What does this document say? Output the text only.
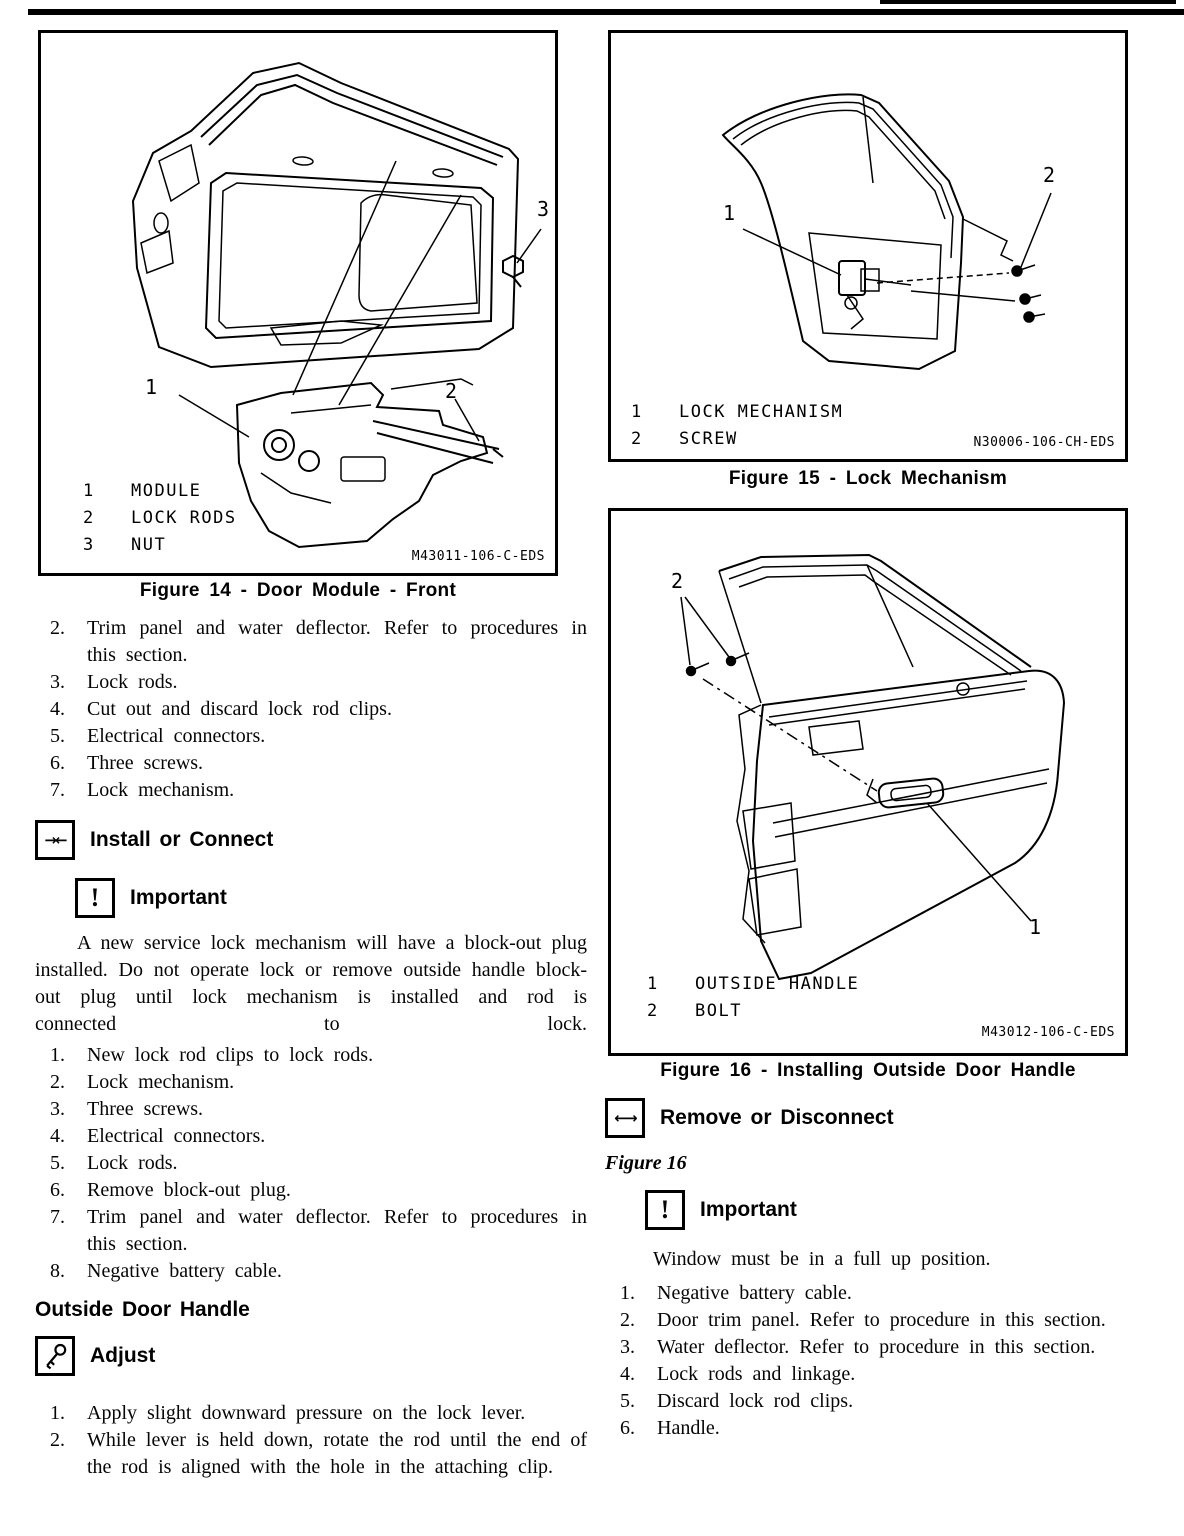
1	2
3
1	MODULE
2	LOCK RODS
3	NUT
M43011-106-C-EDS
Figure 14 - Door Module - Front
1
2
1	LOCK MECHANISM
2	SCREW	N30006-106-CH-EDS
Figure 15 - Lock Mechanism
2
1
1	OUTSIDE HANDLE
2	BOLT
M43012-106-C-EDS
Figure 16 - Installing Outside Door Handle
2.	Trim panel and water deflector. Refer to procedures in this section.
3.	Lock rods.
4.	Cut out and discard lock rod clips.
5.	Electrical connectors.
6.	Three screws.
7.	Lock mechanism.
→← Install or Connect
! Important
A new service lock mechanism will have a block-out plug installed. Do not operate lock or remove outside handle block-out plug until lock mechanism is installed and rod is connected to lock.
1.	New lock rod clips to lock rods.
2.	Lock mechanism.
3.	Three screws.
4.	Electrical connectors.
5.	Lock rods.
6.	Remove block-out plug.
7.	Trim panel and water deflector. Refer to procedures in this section.
8.	Negative battery cable.
Outside Door Handle
Adjust
1.	Apply slight downward pressure on the lock lever.
2.	While lever is held down, rotate the rod until the end of the rod is aligned with the hole in the attaching clip.
←→ Remove or Disconnect
Figure 16
! Important
Window must be in a full up position.
1.	Negative battery cable.
2.	Door trim panel. Refer to procedure in this section.
3.	Water deflector. Refer to procedure in this section.
4.	Lock rods and linkage.
5.	Discard lock rod clips.
6.	Handle.
